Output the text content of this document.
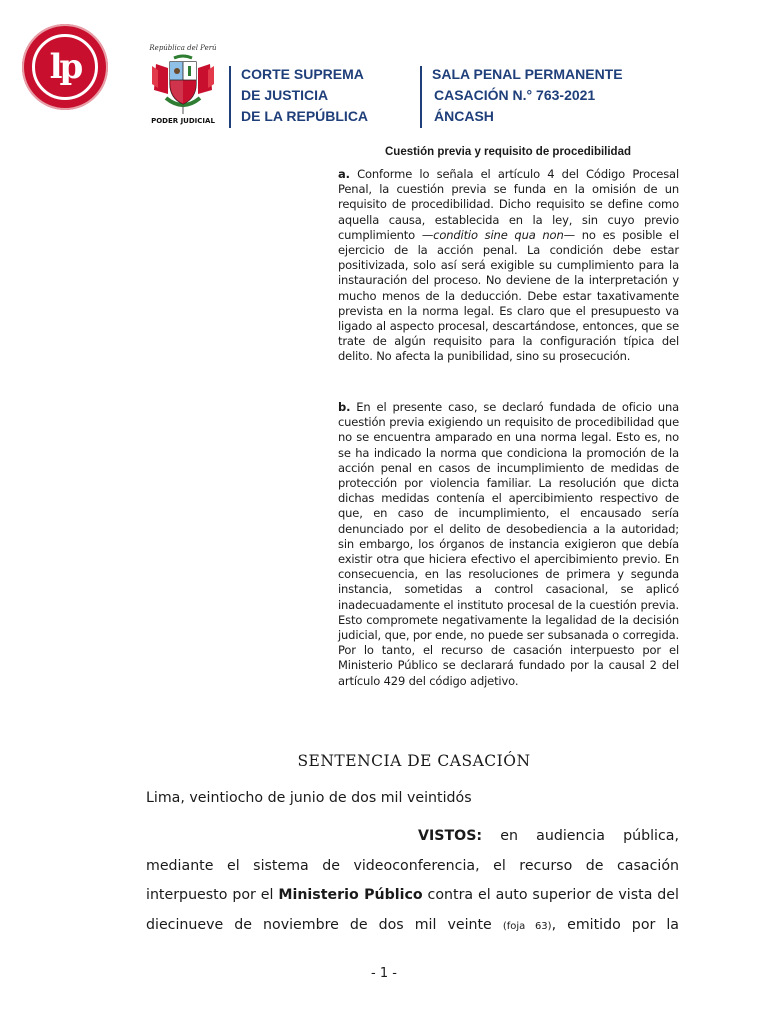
lp	República del Perú
PODER JUDICIAL
CORTE SUPREMA
DE JUSTICIA
DE LA REPÚBLICA
SALA PENAL PERMANENTE
CASACIÓN N.° 763-2021
ÁNCASH
Cuestión previa y requisito de procedibilidad
a. Conforme lo señala el artículo 4 del Código Procesal Penal, la cuestión previa se funda en la omisión de un requisito de procedibilidad. Dicho requisito se define como aquella causa, establecida en la ley, sin cuyo previo cumplimiento —conditio sine qua non— no es posible el ejercicio de la acción penal. La condición debe estar positivizada, solo así será exigible su cumplimiento para la instauración del proceso. No deviene de la interpretación y mucho menos de la deducción. Debe estar taxativamente prevista en la norma legal. Es claro que el presupuesto va ligado al aspecto procesal, descartándose, entonces, que se trate de algún requisito para la configuración típica del delito. No afecta la punibilidad, sino su prosecución.
b. En el presente caso, se declaró fundada de oficio una cuestión previa exigiendo un requisito de procedibilidad que no se encuentra amparado en una norma legal. Esto es, no se ha indicado la norma que condiciona la promoción de la acción penal en casos de incumplimiento de medidas de protección por violencia familiar. La resolución que dicta dichas medidas contenía el apercibimiento respectivo de que, en caso de incumplimiento, el encausado sería denunciado por el delito de desobediencia a la autoridad; sin embargo, los órganos de instancia exigieron que debía existir otra que hiciera efectivo el apercibimiento previo. En consecuencia, en las resoluciones de primera y segunda instancia, sometidas a control casacional, se aplicó inadecuadamente el instituto procesal de la cuestión previa. Esto compromete negativamente la legalidad de la decisión judicial, que, por ende, no puede ser subsanada o corregida. Por lo tanto, el recurso de casación interpuesto por el Ministerio Público se declarará fundado por la causal 2 del artículo 429 del código adjetivo.
SENTENCIA DE CASACIÓN
Lima, veintiocho de junio de dos mil veintidós
VISTOS: en audiencia pública, mediante el sistema de videoconferencia, el recurso de casación interpuesto por el Ministerio Público contra el auto superior de vista del diecinueve de noviembre de dos mil veinte (foja 63), emitido por la
- 1 -
